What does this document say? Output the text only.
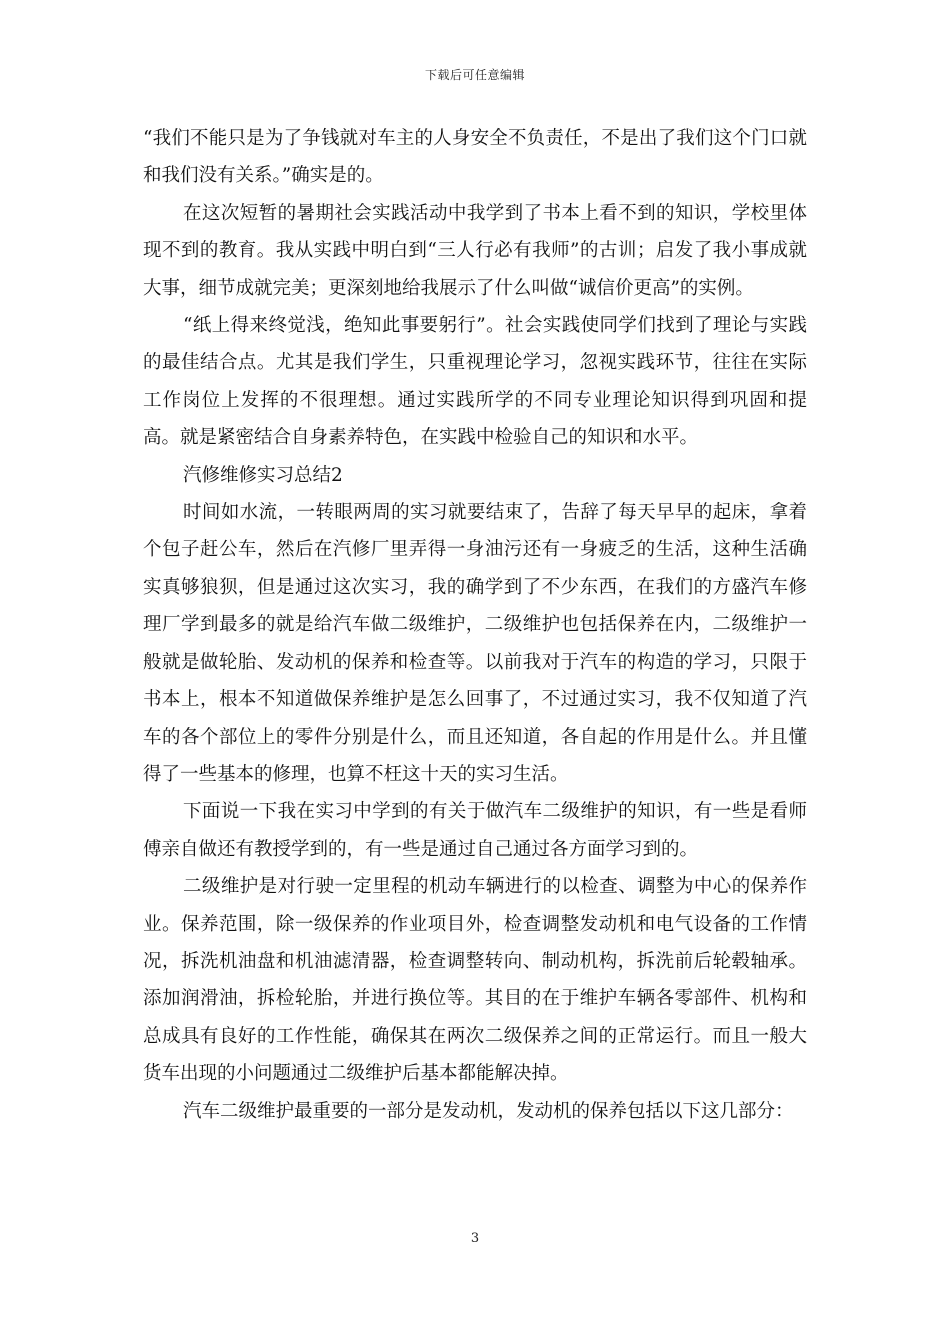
下载后可任意编辑

“我们不能只是为了争钱就对车主的人身安全不负责任，不是出了我们这个门口就和我们没有关系。”确实是的。

在这次短暂的暑期社会实践活动中我学到了书本上看不到的知识，学校里体现不到的教育。我从实践中明白到“三人行必有我师”的古训；启发了我小事成就大事，细节成就完美；更深刻地给我展示了什么叫做“诚信价更高”的实例。

“纸上得来终觉浅，绝知此事要躬行”。社会实践使同学们找到了理论与实践的最佳结合点。尤其是我们学生，只重视理论学习，忽视实践环节，往往在实际工作岗位上发挥的不很理想。通过实践所学的不同专业理论知识得到巩固和提高。就是紧密结合自身素养特色，在实践中检验自己的知识和水平。

汽修维修实习总结2

时间如水流，一转眼两周的实习就要结束了，告辞了每天早早的起床，拿着个包子赶公车，然后在汽修厂里弄得一身油污还有一身疲乏的生活，这种生活确实真够狼狈，但是通过这次实习，我的确学到了不少东西，在我们的方盛汽车修理厂学到最多的就是给汽车做二级维护，二级维护也包括保养在内，二级维护一般就是做轮胎、发动机的保养和检查等。以前我对于汽车的构造的学习，只限于书本上，根本不知道做保养维护是怎么回事了，不过通过实习，我不仅知道了汽车的各个部位上的零件分别是什么，而且还知道，各自起的作用是什么。并且懂得了一些基本的修理，也算不枉这十天的实习生活。

下面说一下我在实习中学到的有关于做汽车二级维护的知识，有一些是看师傅亲自做还有教授学到的，有一些是通过自己通过各方面学习到的。

二级维护是对行驶一定里程的机动车辆进行的以检查、调整为中心的保养作业。保养范围，除一级保养的作业项目外，检查调整发动机和电气设备的工作情况，拆洗机油盘和机油滤清器，检查调整转向、制动机构，拆洗前后轮毂轴承。添加润滑油，拆检轮胎，并进行换位等。其目的在于维护车辆各零部件、机构和总成具有良好的工作性能，确保其在两次二级保养之间的正常运行。而且一般大货车出现的小问题通过二级维护后基本都能解决掉。

汽车二级维护最重要的一部分是发动机，发动机的保养包括以下这几部分：

3
